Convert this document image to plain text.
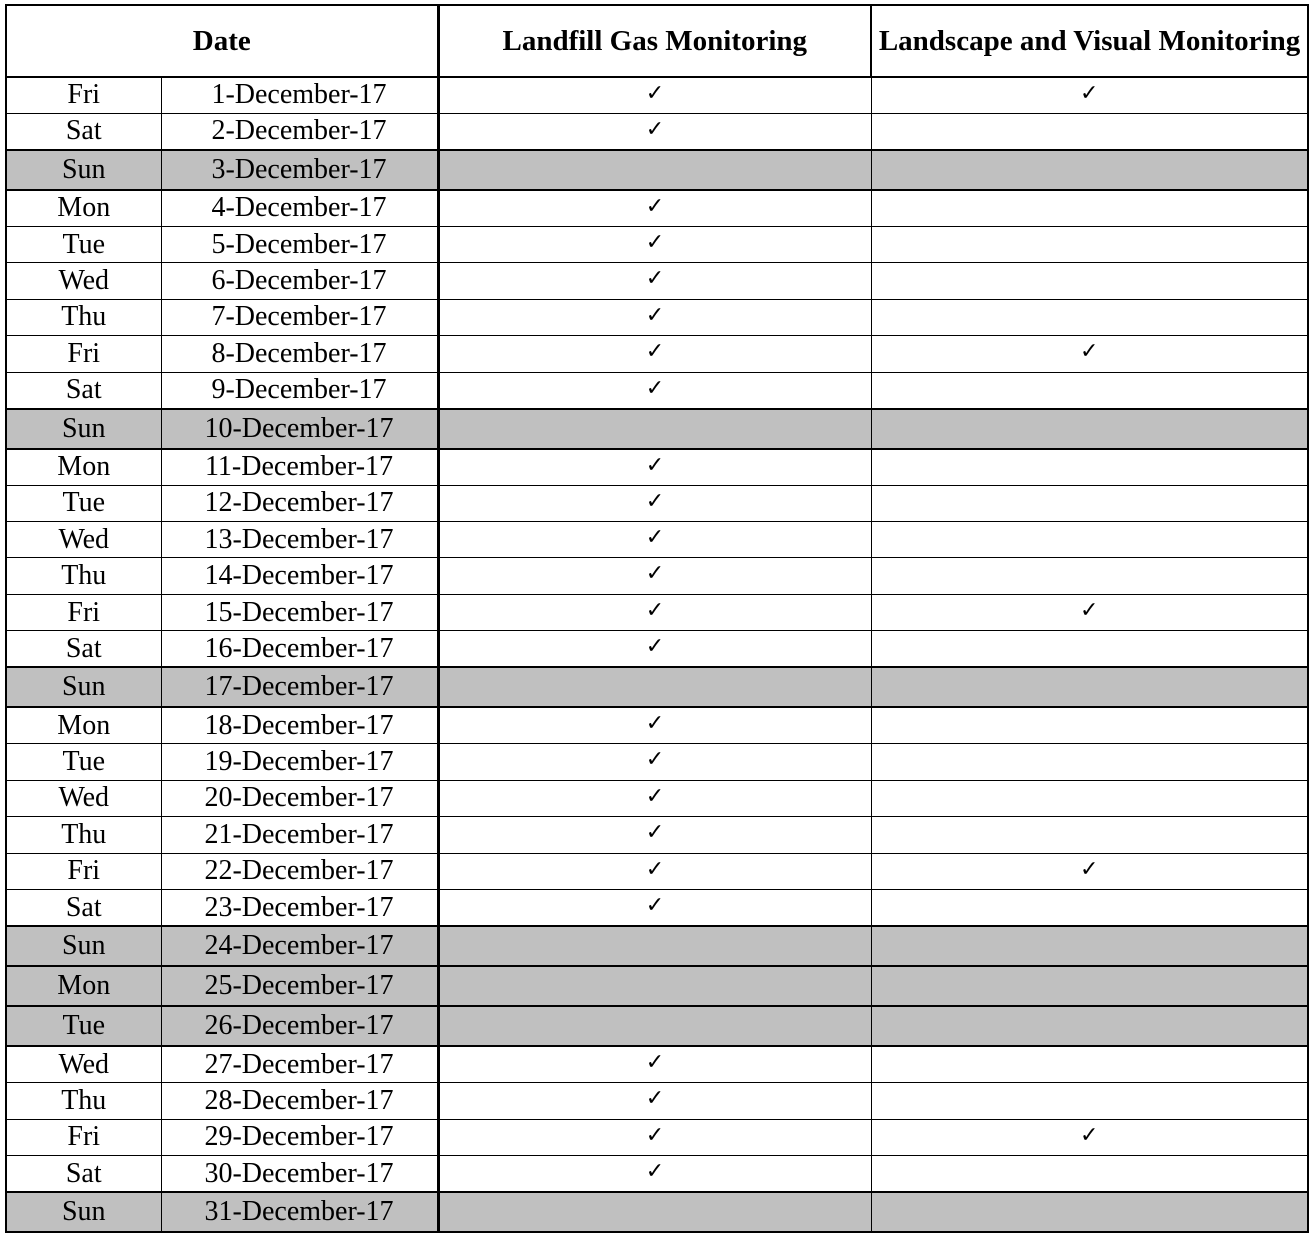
Date		Landfill Gas Monitoring	Landscape and Visual Monitoring
Fri	1-December-17	✓	✓
Sat	2-December-17	✓	
Sun	3-December-17		
Mon	4-December-17	✓	
Tue	5-December-17	✓	
Wed	6-December-17	✓	
Thu	7-December-17	✓	
Fri	8-December-17	✓	✓
Sat	9-December-17	✓	
Sun	10-December-17		
Mon	11-December-17	✓	
Tue	12-December-17	✓	
Wed	13-December-17	✓	
Thu	14-December-17	✓	
Fri	15-December-17	✓	✓
Sat	16-December-17	✓	
Sun	17-December-17		
Mon	18-December-17	✓	
Tue	19-December-17	✓	
Wed	20-December-17	✓	
Thu	21-December-17	✓	
Fri	22-December-17	✓	✓
Sat	23-December-17	✓	
Sun	24-December-17		
Mon	25-December-17		
Tue	26-December-17		
Wed	27-December-17	✓	
Thu	28-December-17	✓	
Fri	29-December-17	✓	✓
Sat	30-December-17	✓	
Sun	31-December-17		
